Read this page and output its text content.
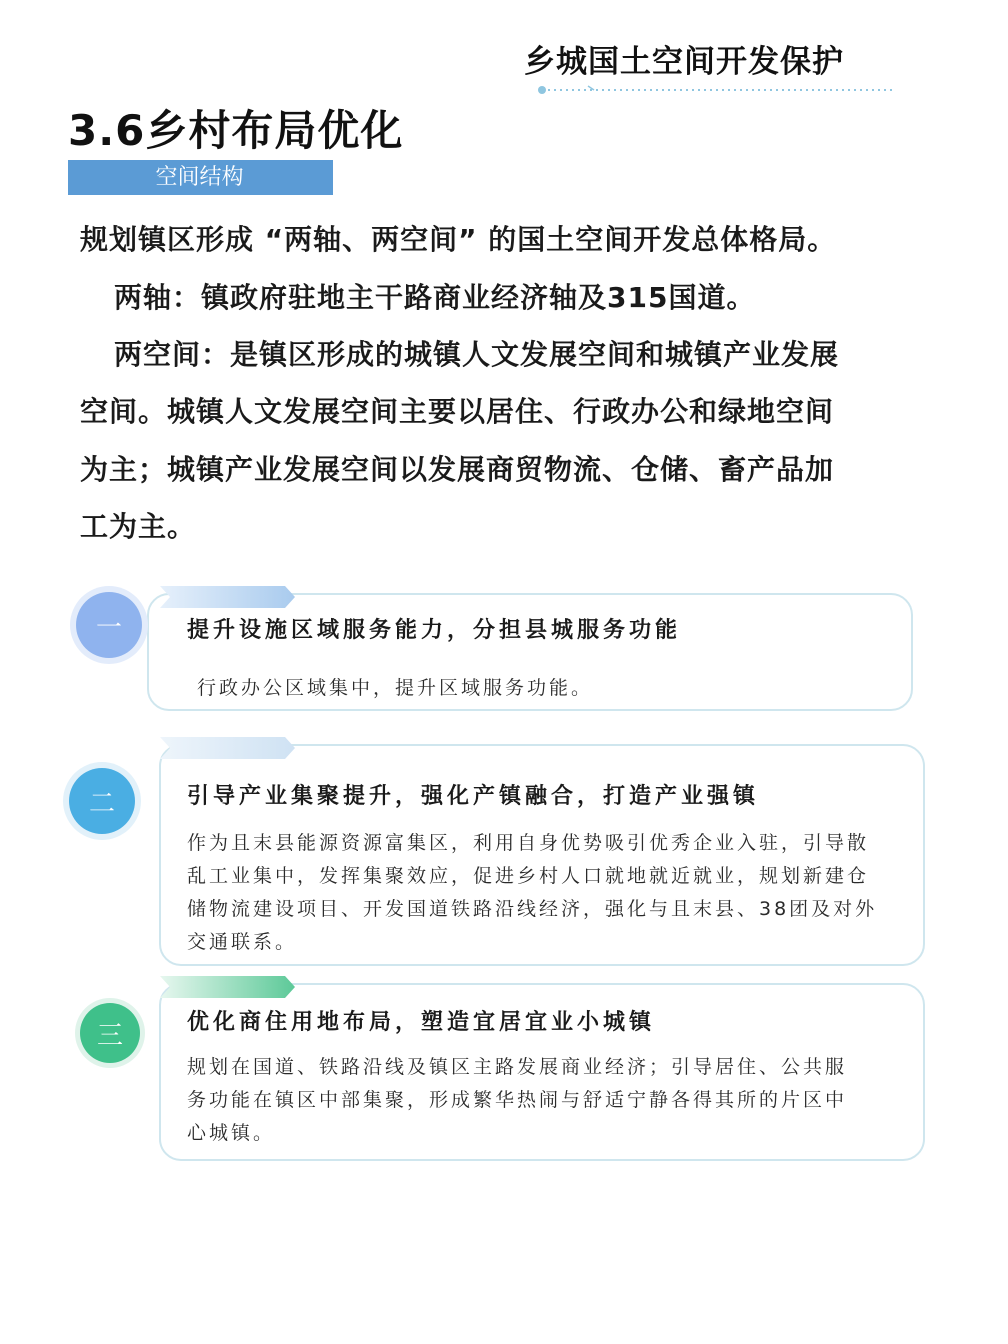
乡城国土空间开发保护
3.6乡村布局优化
空间结构
规划镇区形成 “两轴、两空间” 的国土空间开发总体格局。
两轴：镇政府驻地主干路商业经济轴及315国道。
两空间：是镇区形成的城镇人文发展空间和城镇产业发展
空间。城镇人文发展空间主要以居住、行政办公和绿地空间
为主；城镇产业发展空间以发展商贸物流、仓储、畜产品加
工为主。
一	提升设施区域服务能力，分担县城服务功能
行政办公区域集中，提升区域服务功能。
二	引导产业集聚提升，强化产镇融合，打造产业强镇
作为且末县能源资源富集区，利用自身优势吸引优秀企业入驻，引导散
乱工业集中，发挥集聚效应，促进乡村人口就地就近就业，规划新建仓
储物流建设项目、开发国道铁路沿线经济，强化与且末县、38团及对外
交通联系。
三	优化商住用地布局，塑造宜居宜业小城镇
规划在国道、铁路沿线及镇区主路发展商业经济；引导居住、公共服
务功能在镇区中部集聚，形成繁华热闹与舒适宁静各得其所的片区中
心城镇。
